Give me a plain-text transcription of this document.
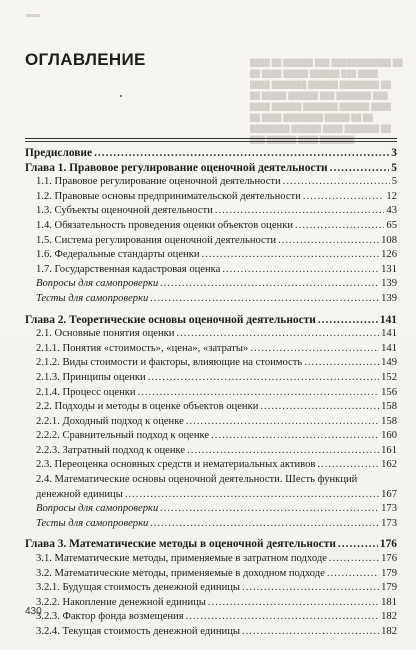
████ ██ ██████ ███ ████████████ ██
██ ████ █████ ██████ ███ ████
████ ███████ ██████ ████████ ██
██ █████ ██████ ███ ███████ ███
████ ██████ ███████ ██████ ████
██ ████ ████████ █████ ██ ██
████████ ██████ ████ ███████ ██
███ ██████ ████ ███████
ОГЛАВЛЕНИЕ
Предисловие .....	3
Глава 1. Правовое регулирование оценочной деятельности .....	5
1.1. Правовое регулирование оценочной деятельности .....	5
1.2. Правовые основы предпринимательской деятельности .....	12
1.3. Субъекты оценочной деятельности .....	43
1.4. Обязательность проведения оценки объектов оценки .....	65
1.5. Система регулирования оценочной деятельности .....	108
1.6. Федеральные стандарты оценки .....	126
1.7. Государственная кадастровая оценка .....	131
Вопросы для самопроверки .....	139
Тесты для самопроверки .....	139
Глава 2. Теоретические основы оценочной деятельности .....	141
2.1. Основные понятия оценки .....	141
2.1.1. Понятия «стоимость», «цена», «затраты» .....	141
2.1.2. Виды стоимости и факторы, влияющие на стоимость .....	149
2.1.3. Принципы оценки .....	152
2.1.4. Процесс оценки .....	156
2.2. Подходы и методы в оценке объектов оценки .....	158
2.2.1. Доходный подход к оценке .....	158
2.2.2. Сравнительный подход к оценке .....	160
2.2.3. Затратный подход к оценке .....	161
2.3. Переоценка основных средств и нематериальных активов .....	162
2.4. Математические основы оценочной деятельности. Шесть функций
денежной единицы .....	167
Вопросы для самопроверки .....	173
Тесты для самопроверки .....	173
Глава 3. Математические методы в оценочной деятельности .....	176
3.1. Математические методы, применяемые в затратном подходе .....	176
3.2. Математические методы, применяемые в доходном подходе .....	179
3.2.1. Будущая стоимость денежной единицы .....	179
3.2.2. Накопление денежной единицы .....	181
3.2.3. Фактор фонда возмещения .....	182
3.2.4. Текущая стоимость денежной единицы .....	182
430
